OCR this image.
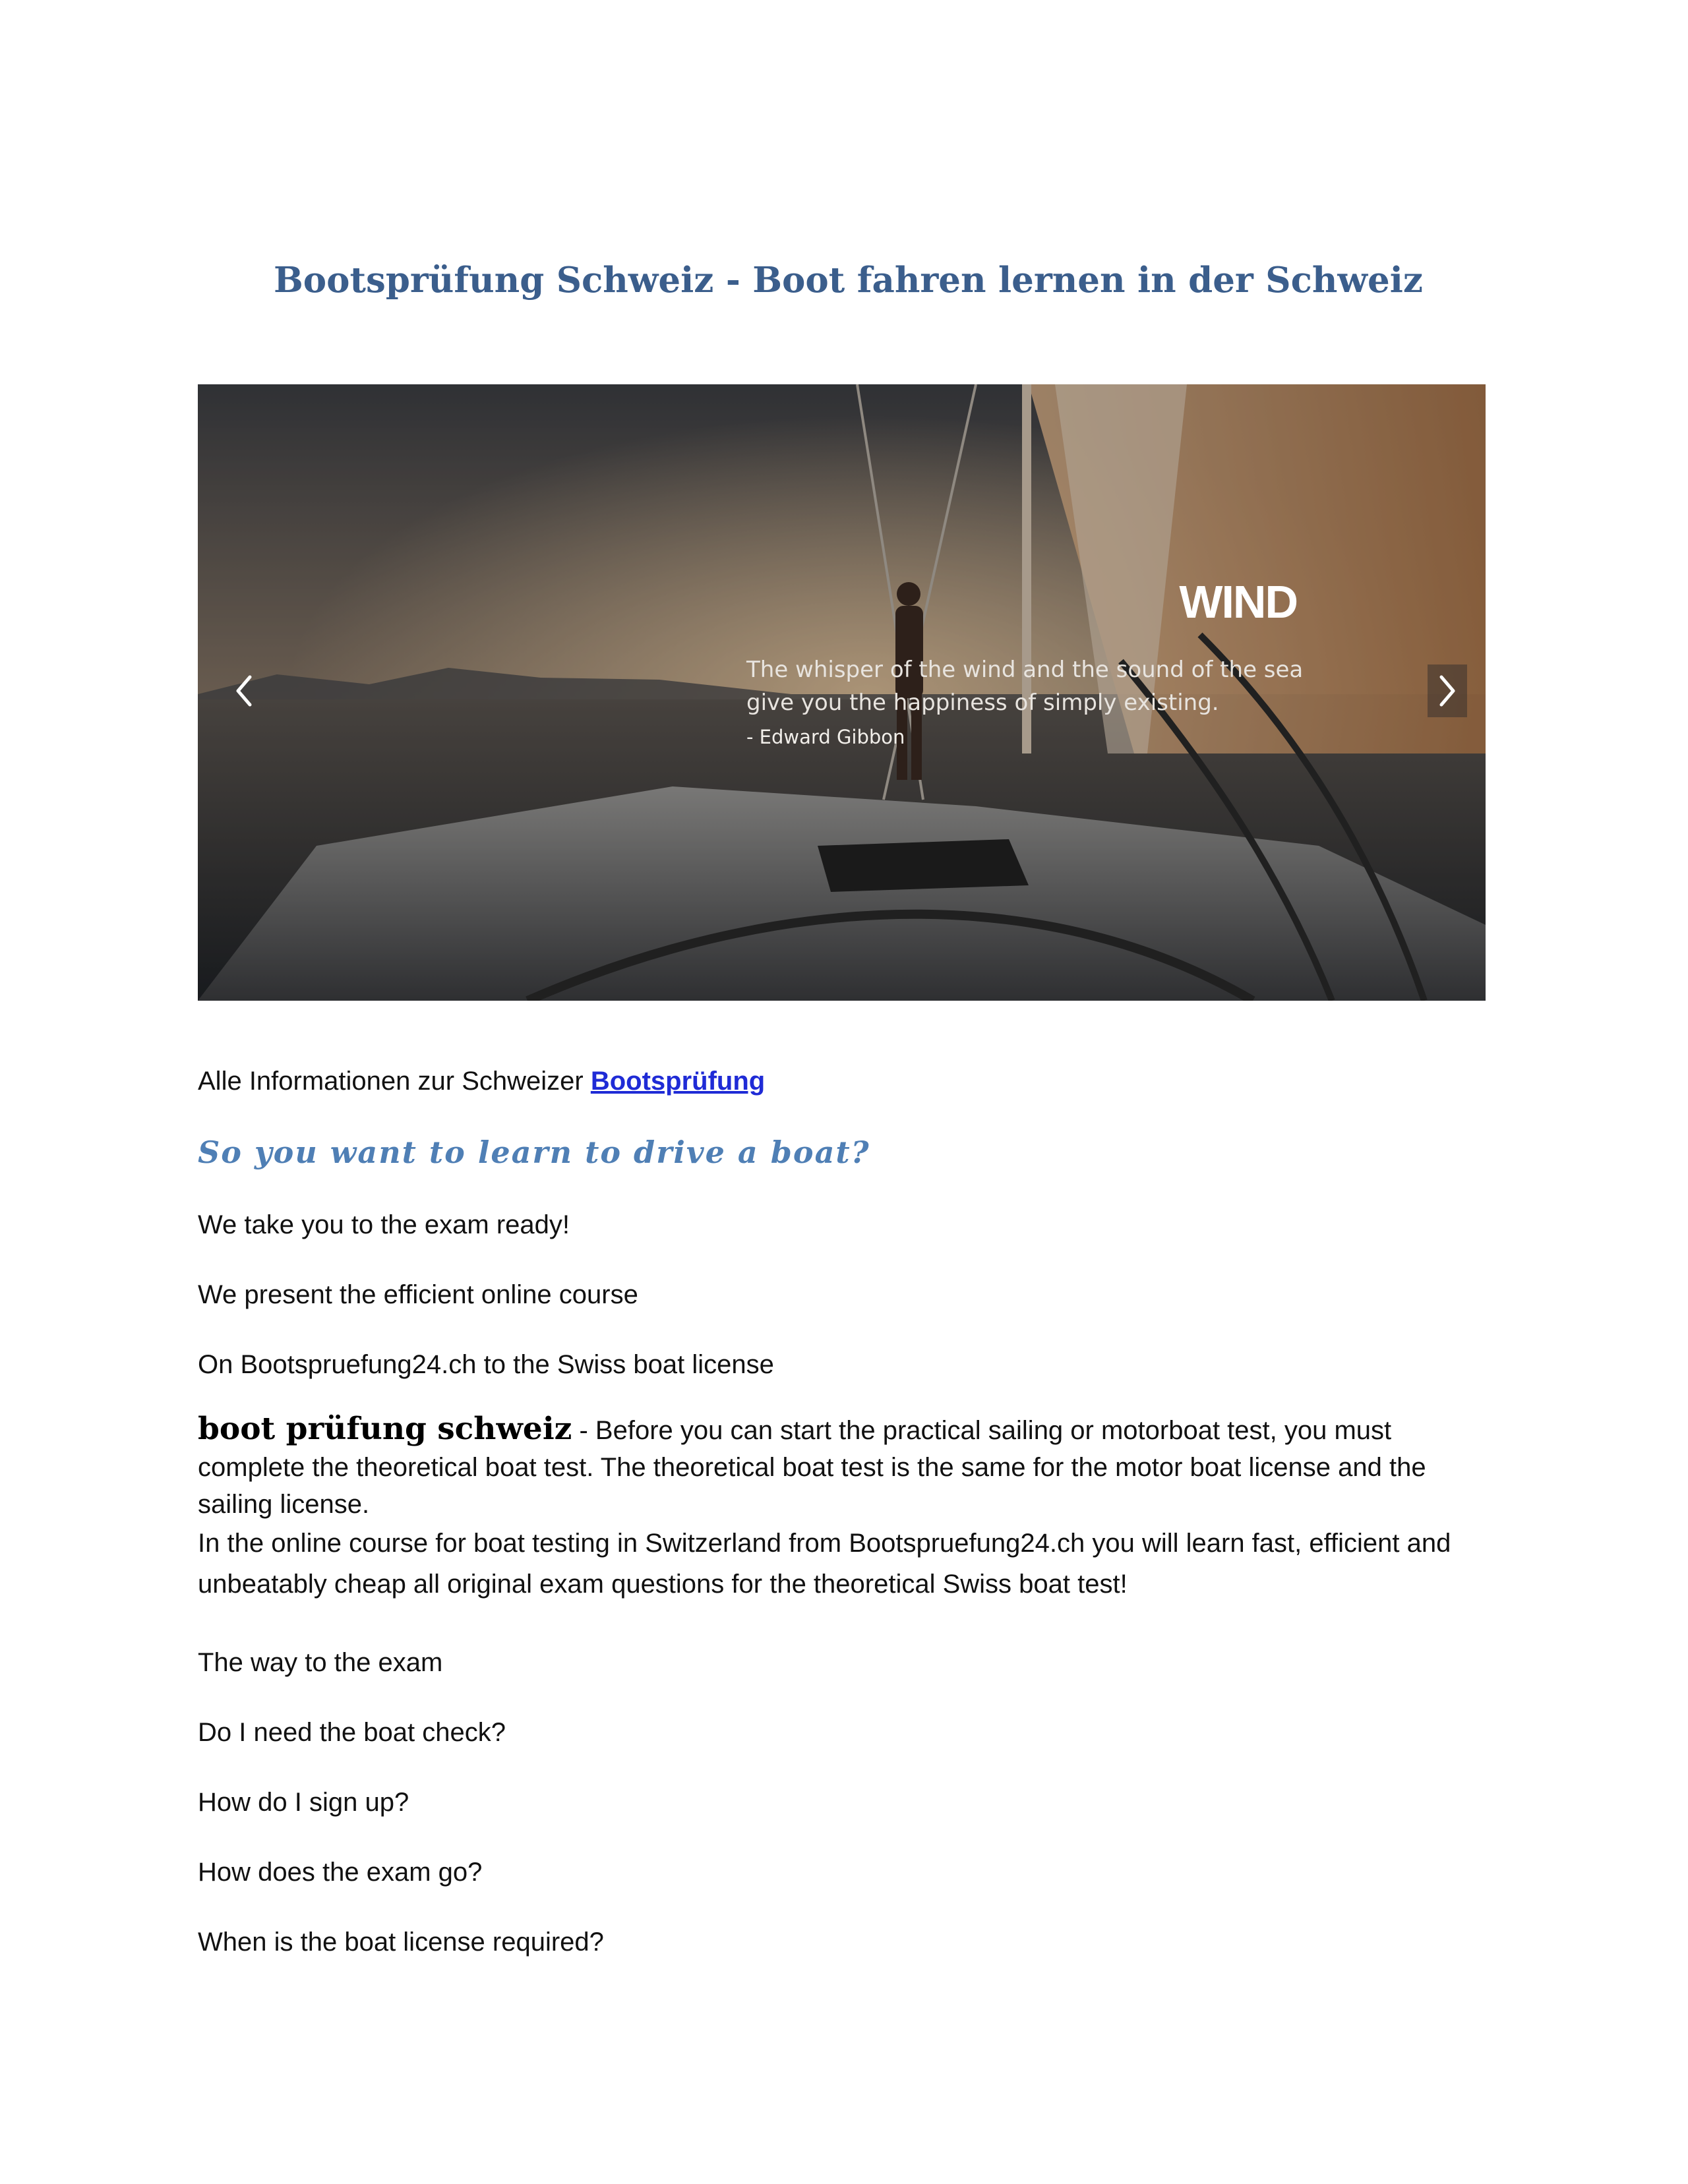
Bootsprüfung Schweiz - Boot fahren lernen in der Schweiz
WIND

The whisper of the wind and the sound of the sea give you the happiness of simply existing.

- Edward Gibbon

Alle Informationen zur Schweizer Bootsprüfung

So you want to learn to drive a boat?

We take you to the exam ready!

We present the efficient online course

On Bootspruefung24.ch to the Swiss boat license

boot prüfung schweiz - Before you can start the practical sailing or motorboat test, you must complete the theoretical boat test. The theoretical boat test is the same for the motor boat license and the sailing license.
In the online course for boat testing in Switzerland from Bootspruefung24.ch you will learn fast, efficient and unbeatably cheap all original exam questions for the theoretical Swiss boat test!

The way to the exam

Do I need the boat check?

How do I sign up?

How does the exam go?

When is the boat license required?
